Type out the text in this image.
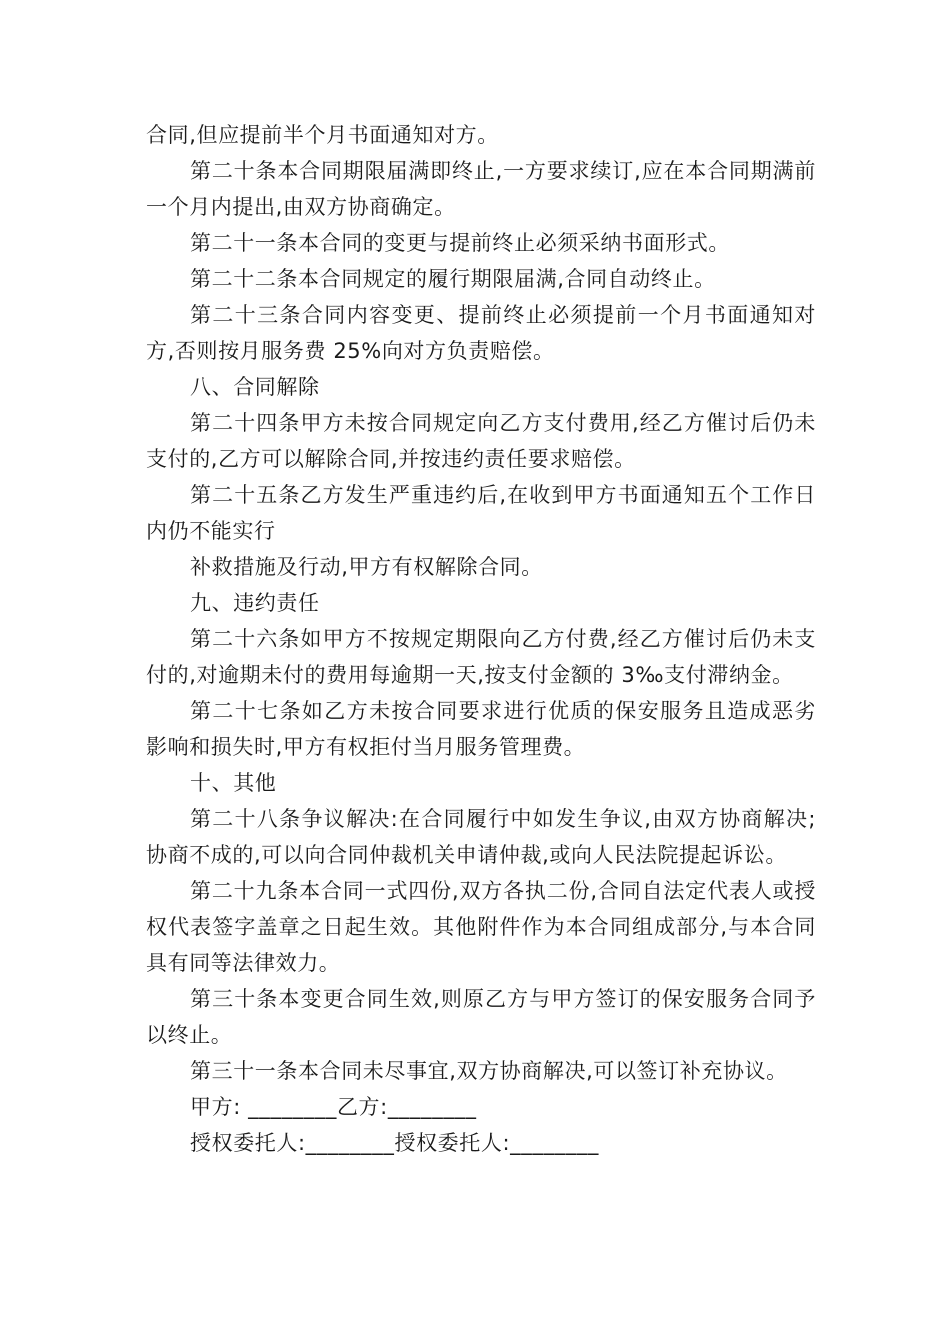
合同,但应提前半个月书面通知对方。

第二十条本合同期限届满即终止,一方要求续订,应在本合同期满前一个月内提出,由双方协商确定。

第二十一条本合同的变更与提前终止必须采纳书面形式。

第二十二条本合同规定的履行期限届满,合同自动终止。

第二十三条合同内容变更、提前终止必须提前一个月书面通知对方,否则按月服务费 25%向对方负责赔偿。

八、合同解除

第二十四条甲方未按合同规定向乙方支付费用,经乙方催讨后仍未支付的,乙方可以解除合同,并按违约责任要求赔偿。

第二十五条乙方发生严重违约后,在收到甲方书面通知五个工作日内仍不能实行

补救措施及行动,甲方有权解除合同。

九、违约责任

第二十六条如甲方不按规定期限向乙方付费,经乙方催讨后仍未支付的,对逾期未付的费用每逾期一天,按支付金额的 3‰支付滞纳金。

第二十七条如乙方未按合同要求进行优质的保安服务且造成恶劣影响和损失时,甲方有权拒付当月服务管理费。

十、其他

第二十八条争议解决:在合同履行中如发生争议,由双方协商解决;协商不成的,可以向合同仲裁机关申请仲裁,或向人民法院提起诉讼。

第二十九条本合同一式四份,双方各执二份,合同自法定代表人或授权代表签字盖章之日起生效。其他附件作为本合同组成部分,与本合同具有同等法律效力。

第三十条本变更合同生效,则原乙方与甲方签订的保安服务合同予以终止。

第三十一条本合同未尽事宜,双方协商解决,可以签订补充协议。

甲方: ________乙方:________

授权委托人:________授权委托人:________
